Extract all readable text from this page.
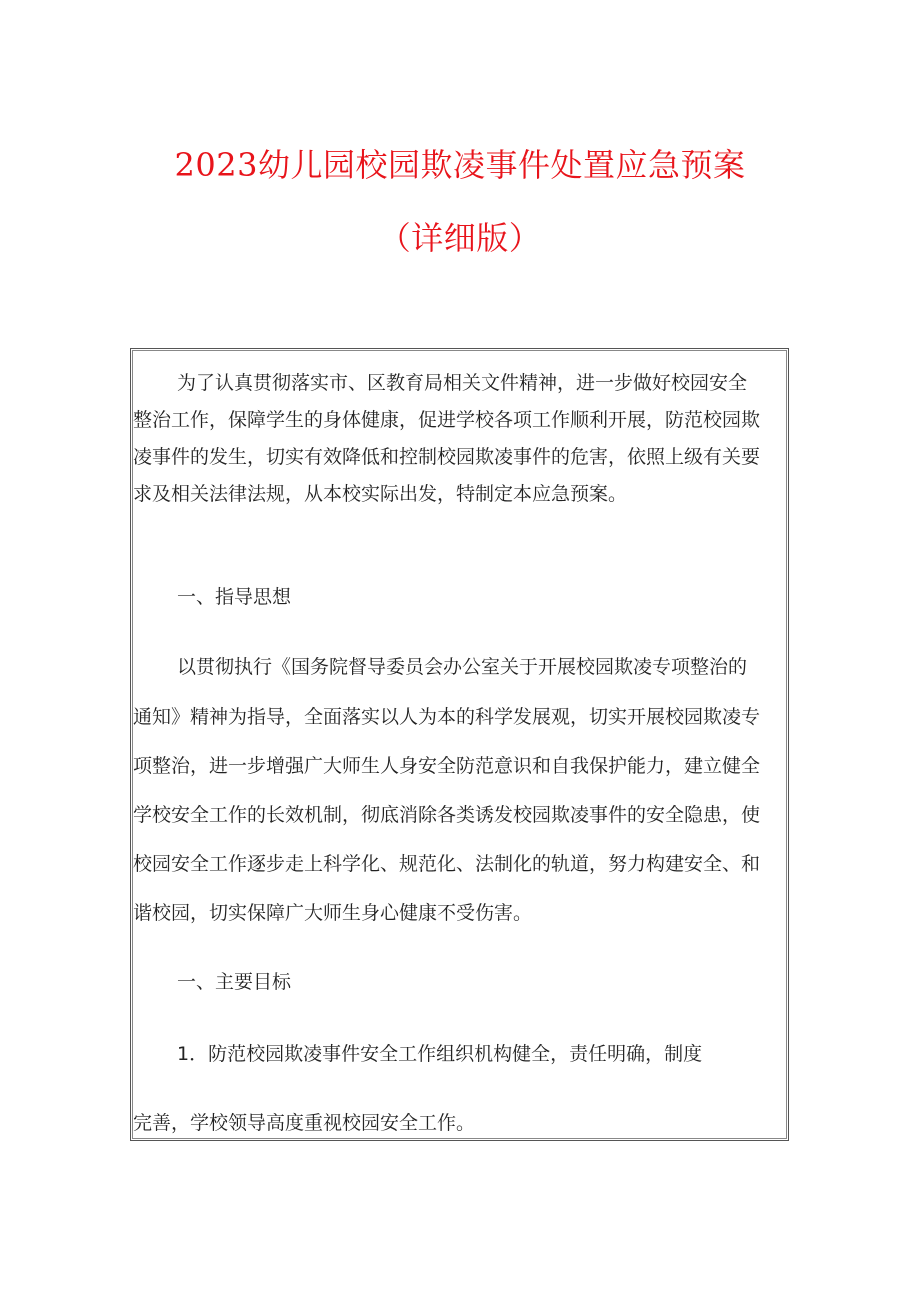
2023幼儿园校园欺凌事件处置应急预案
（详细版）
为了认真贯彻落实市、区教育局相关文件精神，进一步做好校园安全
整治工作，保障学生的身体健康，促进学校各项工作顺利开展，防范校园欺
凌事件的发生，切实有效降低和控制校园欺凌事件的危害，依照上级有关要
求及相关法律法规，从本校实际出发，特制定本应急预案。
一、指导思想
以贯彻执行《国务院督导委员会办公室关于开展校园欺凌专项整治的
通知》精神为指导，全面落实以人为本的科学发展观，切实开展校园欺凌专
项整治，进一步增强广大师生人身安全防范意识和自我保护能力，建立健全
学校安全工作的长效机制，彻底消除各类诱发校园欺凌事件的安全隐患，使
校园安全工作逐步走上科学化、规范化、法制化的轨道，努力构建安全、和
谐校园，切实保障广大师生身心健康不受伤害。
一、主要目标
1．防范校园欺凌事件安全工作组织机构健全，责任明确，制度
完善，学校领导高度重视校园安全工作。
